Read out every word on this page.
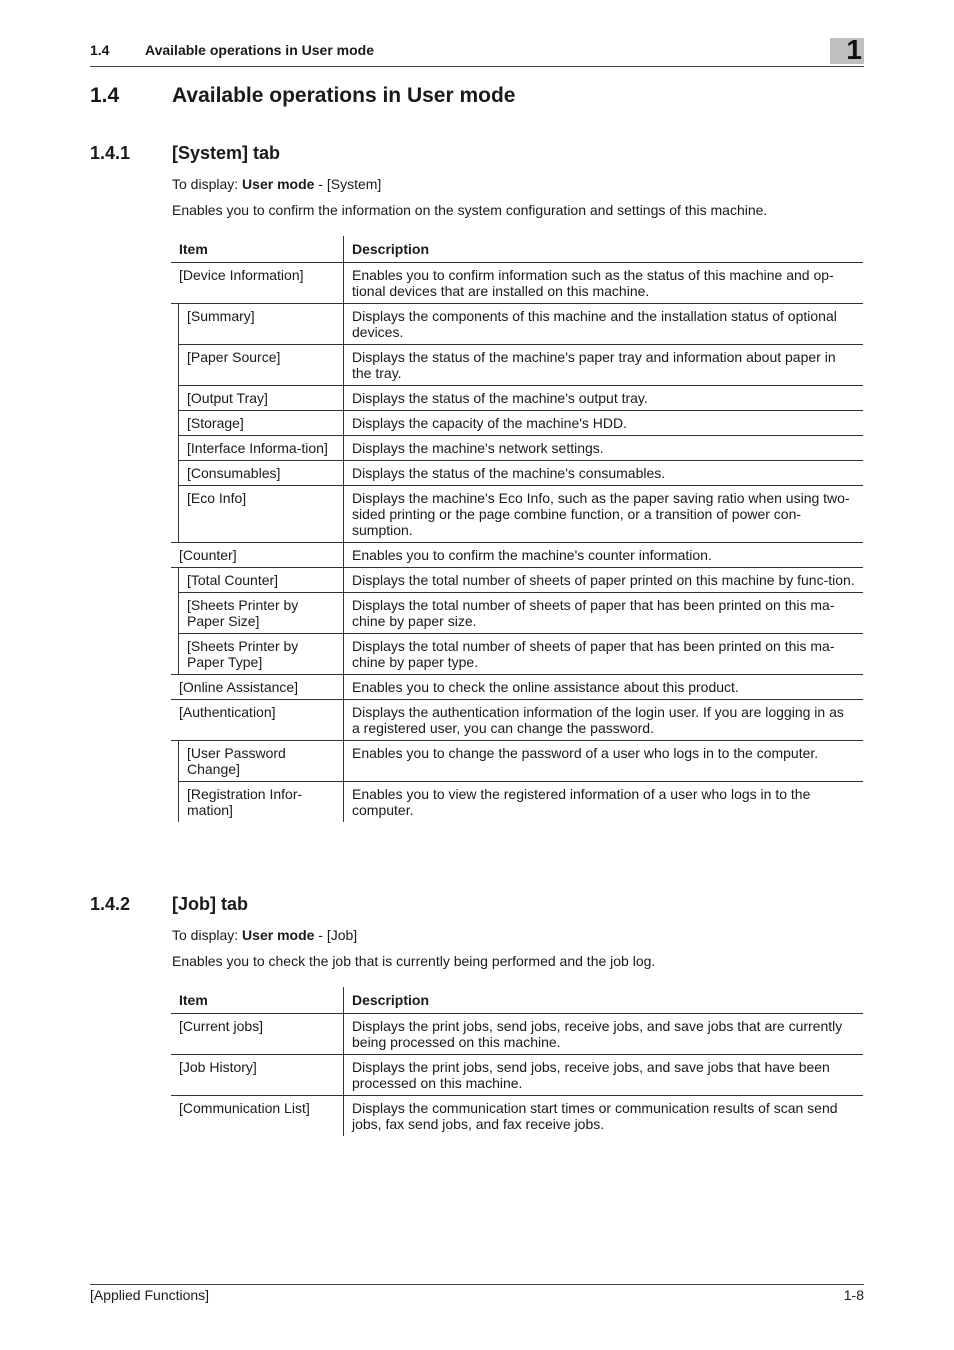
1.4	Available operations in User mode	1
1.4	Available operations in User mode
1.4.1 [System] tab
To display: User mode - [System]
Enables you to confirm the information on the system configuration and settings of this machine.
Item		Description
[Device Information]		Enables you to confirm information such as the status of this machine and op-tional devices that are installed on this machine.
	[Summary]	Displays the components of this machine and the installation status of optional devices.
	[Paper Source]	Displays the status of the machine's paper tray and information about paper in the tray.
	[Output Tray]	Displays the status of the machine's output tray.
	[Storage]	Displays the capacity of the machine's HDD.
	[Interface Informa-tion]	Displays the machine's network settings.
	[Consumables]	Displays the status of the machine's consumables.
	[Eco Info]	Displays the machine's Eco Info, such as the paper saving ratio when using two-sided printing or the page combine function, or a transition of power con-sumption.
[Counter]		Enables you to confirm the machine's counter information.
	[Total Counter]	Displays the total number of sheets of paper printed on this machine by func-tion.
	[Sheets Printer by Paper Size]	Displays the total number of sheets of paper that has been printed on this ma-chine by paper size.
	[Sheets Printer by Paper Type]	Displays the total number of sheets of paper that has been printed on this ma-chine by paper type.
[Online Assistance]		Enables you to check the online assistance about this product.
[Authentication]		Displays the authentication information of the login user. If you are logging in as a registered user, you can change the password.
	[User Password Change]	Enables you to change the password of a user who logs in to the computer.
	[Registration Infor-mation]	Enables you to view the registered information of a user who logs in to the computer.
1.4.2 [Job] tab
To display: User mode - [Job]
Enables you to check the job that is currently being performed and the job log.
Item	Description
[Current jobs]	Displays the print jobs, send jobs, receive jobs, and save jobs that are currently being processed on this machine.
[Job History]	Displays the print jobs, send jobs, receive jobs, and save jobs that have been processed on this machine.
[Communication List]	Displays the communication start times or communication results of scan send jobs, fax send jobs, and fax receive jobs.
[Applied Functions]	1-8
